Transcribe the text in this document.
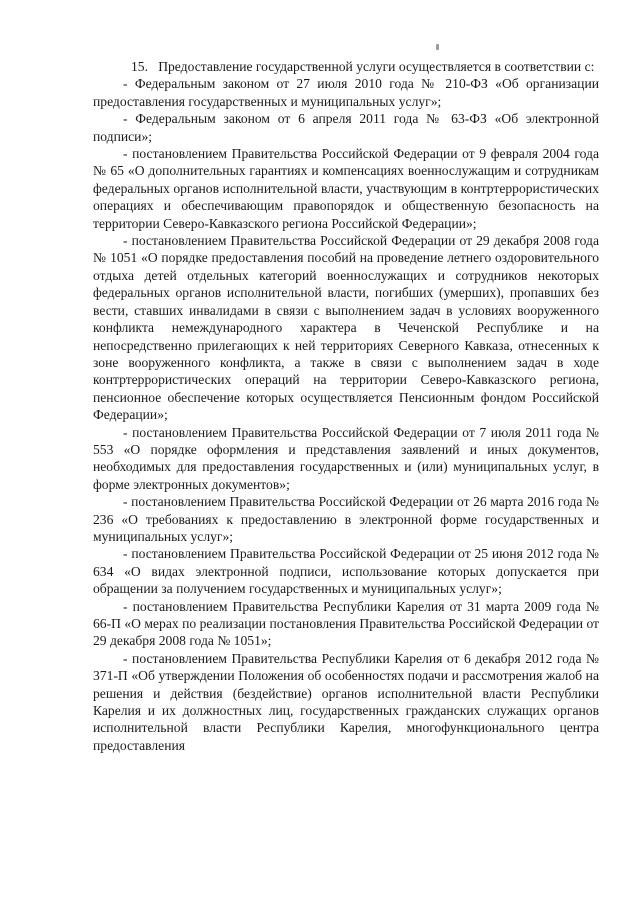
15.   Предоставление государственной услуги осуществляется в соответствии с:

- Федеральным законом от 27 июля 2010 года № 210-ФЗ «Об организации предоставления государственных и муниципальных услуг»;

- Федеральным законом от 6 апреля 2011 года № 63-ФЗ «Об электронной подписи»;

- постановлением Правительства Российской Федерации от 9 февраля 2004 года № 65 «О дополнительных гарантиях и компенсациях военнослужащим и сотрудникам федеральных органов исполнительной власти, участвующим в контртеррористических операциях и обеспечивающим правопорядок и общественную безопасность на территории Северо-Кавказского региона Российской Федерации»;

- постановлением Правительства Российской Федерации от 29 декабря 2008 года № 1051 «О порядке предоставления пособий на проведение летнего оздоровительного отдыха детей отдельных категорий военнослужащих и сотрудников некоторых федеральных органов исполнительной власти, погибших (умерших), пропавших без вести, ставших инвалидами в связи с выполнением задач в условиях вооруженного конфликта немеждународного характера в Чеченской Республике и на непосредственно прилегающих к ней территориях Северного Кавказа, отнесенных к зоне вооруженного конфликта, а также в связи с выполнением задач в ходе контртеррористических операций на территории Северо-Кавказского региона, пенсионное обеспечение которых осуществляется Пенсионным фондом Российской Федерации»;

- постановлением Правительства Российской Федерации от 7 июля 2011 года № 553 «О порядке оформления и представления заявлений и иных документов, необходимых для предоставления государственных и (или) муниципальных услуг, в форме электронных документов»;

- постановлением Правительства Российской Федерации от 26 марта 2016 года № 236 «О требованиях к предоставлению в электронной форме государственных и муниципальных услуг»;

- постановлением Правительства Российской Федерации от 25 июня 2012 года № 634 «О видах электронной подписи, использование которых допускается при обращении за получением государственных и муниципальных услуг»;

- постановлением Правительства Республики Карелия от 31 марта 2009 года № 66-П «О мерах по реализации постановления Правительства Российской Федерации от 29 декабря 2008 года № 1051»;

- постановлением Правительства Республики Карелия от 6 декабря 2012 года № 371-П «Об утверждении Положения об особенностях подачи и рассмотрения жалоб на решения и действия (бездействие) органов исполнительной власти Республики Карелия и их должностных лиц, государственных гражданских служащих органов исполнительной власти Республики Карелия, многофункционального центра предоставления
